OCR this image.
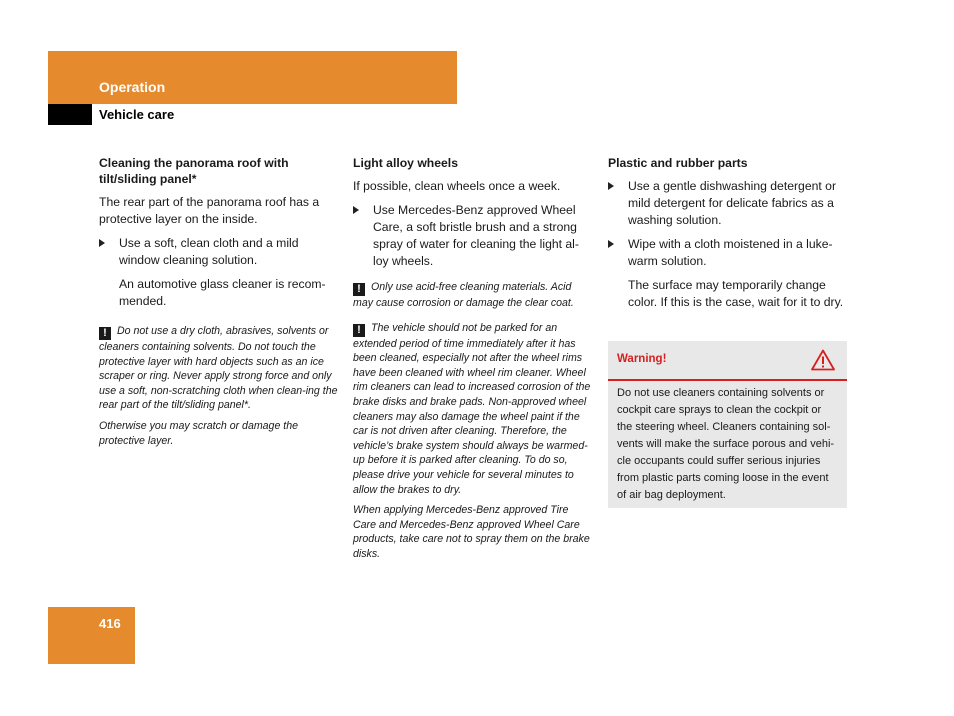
Operation
Vehicle care
Cleaning the panorama roof with tilt/sliding panel*
The rear part of the panorama roof has a protective layer on the inside.
Use a soft, clean cloth and a mild window cleaning solution.
An automotive glass cleaner is recom-mended.
! Do not use a dry cloth, abrasives, solvents or cleaners containing solvents. Do not touch the protective layer with hard objects such as an ice scraper or ring. Never apply strong force and only use a soft, non-scratching cloth when clean-ing the rear part of the tilt/sliding panel*.
Otherwise you may scratch or damage the protective layer.
Light alloy wheels
If possible, clean wheels once a week.
Use Mercedes-Benz approved Wheel Care, a soft bristle brush and a strong spray of water for cleaning the light al-loy wheels.
! Only use acid-free cleaning materials. Acid may cause corrosion or damage the clear coat.
! The vehicle should not be parked for an extended period of time immediately after it has been cleaned, especially not after the wheel rims have been cleaned with wheel rim cleaner. Wheel rim cleaners can lead to increased corrosion of the brake disks and brake pads. Non-approved wheel cleaners may also damage the wheel paint if the car is not driven after cleaning. Therefore, the vehicle’s brake system should always be warmed-up before it is parked after cleaning. To do so, please drive your vehicle for several minutes to allow the brakes to dry.
When applying Mercedes-Benz approved Tire Care and Mercedes-Benz approved Wheel Care products, take care not to spray them on the brake disks.
Plastic and rubber parts
Use a gentle dishwashing detergent or mild detergent for delicate fabrics as a washing solution.
Wipe with a cloth moistened in a luke-warm solution.
The surface may temporarily change color. If this is the case, wait for it to dry.
Warning!
Do not use cleaners containing solvents or cockpit care sprays to clean the cockpit or the steering wheel. Cleaners containing sol-vents will make the surface porous and vehi-cle occupants could suffer serious injuries from plastic parts coming loose in the event of air bag deployment.
416
